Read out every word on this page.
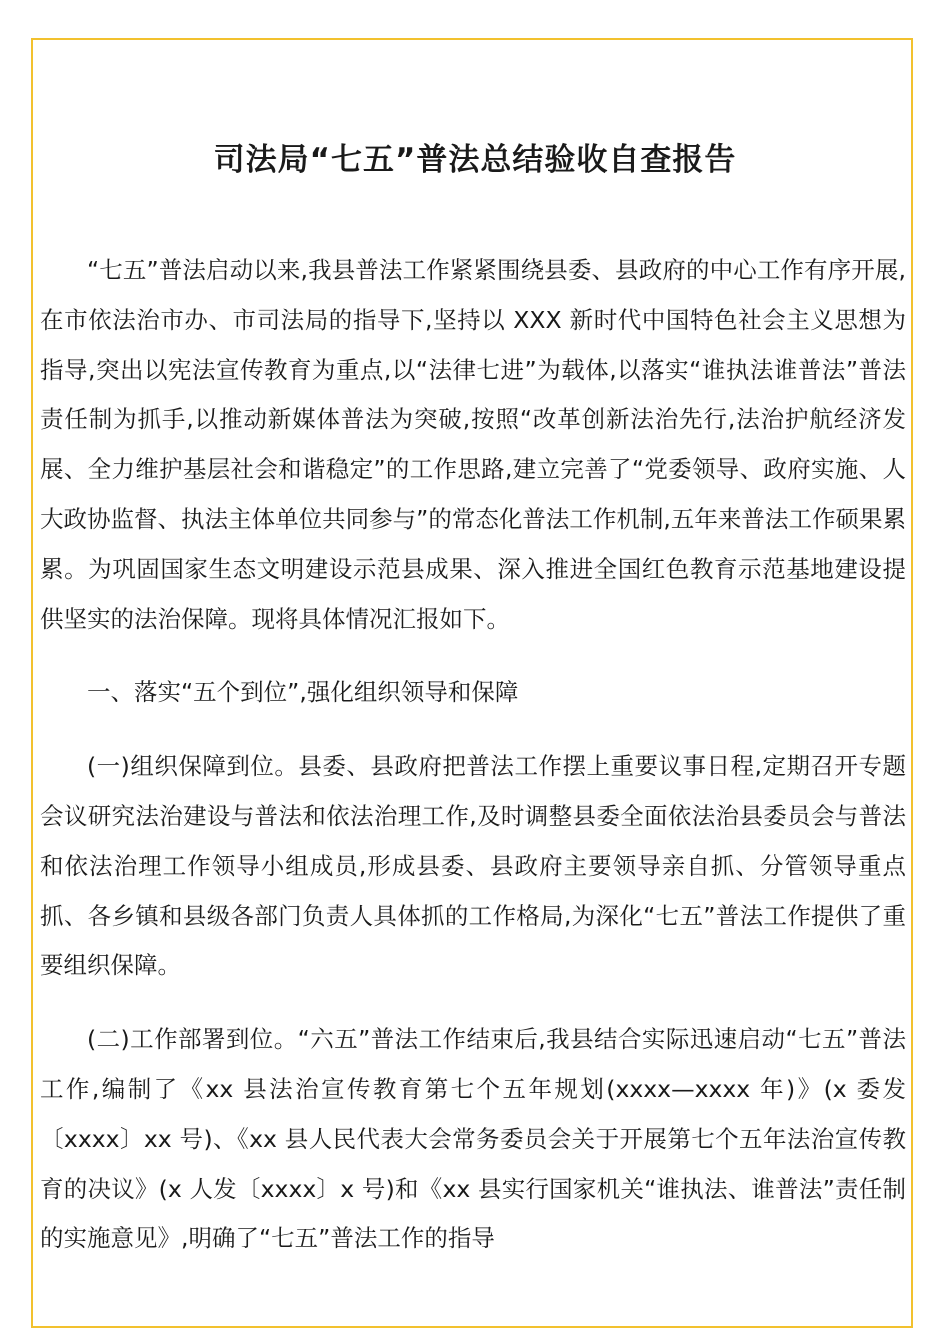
司法局“七五”普法总结验收自查报告

“七五”普法启动以来,我县普法工作紧紧围绕县委、县政府的中心工作有序开展,在市依法治市办、市司法局的指导下,坚持以 XXX 新时代中国特色社会主义思想为指导,突出以宪法宣传教育为重点,以“法律七进”为载体,以落实“谁执法谁普法”普法责任制为抓手,以推动新媒体普法为突破,按照“改革创新法治先行,法治护航经济发展、全力维护基层社会和谐稳定”的工作思路,建立完善了“党委领导、政府实施、人大政协监督、执法主体单位共同参与”的常态化普法工作机制,五年来普法工作硕果累累。为巩固国家生态文明建设示范县成果、深入推进全国红色教育示范基地建设提供坚实的法治保障。现将具体情况汇报如下。

一、落实“五个到位”,强化组织领导和保障

(一)组织保障到位。县委、县政府把普法工作摆上重要议事日程,定期召开专题会议研究法治建设与普法和依法治理工作,及时调整县委全面依法治县委员会与普法和依法治理工作领导小组成员,形成县委、县政府主要领导亲自抓、分管领导重点抓、各乡镇和县级各部门负责人具体抓的工作格局,为深化“七五”普法工作提供了重要组织保障。

(二)工作部署到位。“六五”普法工作结束后,我县结合实际迅速启动“七五”普法工作,编制了《xx 县法治宣传教育第七个五年规划(xxxx—xxxx 年)》(x 委发〔xxxx〕xx 号)、《xx 县人民代表大会常务委员会关于开展第七个五年法治宣传教育的决议》(x 人发〔xxxx〕x 号)和《xx 县实行国家机关“谁执法、谁普法”责任制的实施意见》,明确了“七五”普法工作的指导
